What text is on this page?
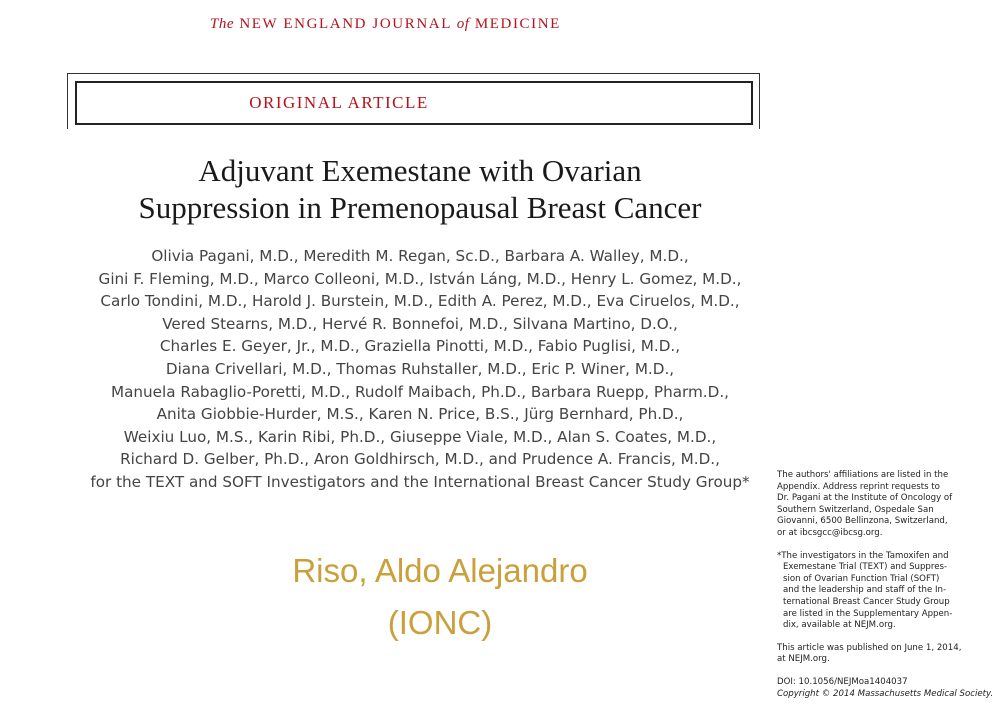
The NEW ENGLAND JOURNAL of MEDICINE
ORIGINAL ARTICLE
Adjuvant Exemestane with Ovarian
Suppression in Premenopausal Breast Cancer
Olivia Pagani, M.D., Meredith M. Regan, Sc.D., Barbara A. Walley, M.D.,
Gini F. Fleming, M.D., Marco Colleoni, M.D., István Láng, M.D., Henry L. Gomez, M.D.,
Carlo Tondini, M.D., Harold J. Burstein, M.D., Edith A. Perez, M.D., Eva Ciruelos, M.D.,
Vered Stearns, M.D., Hervé R. Bonnefoi, M.D., Silvana Martino, D.O.,
Charles E. Geyer, Jr., M.D., Graziella Pinotti, M.D., Fabio Puglisi, M.D.,
Diana Crivellari, M.D., Thomas Ruhstaller, M.D., Eric P. Winer, M.D.,
Manuela Rabaglio-Poretti, M.D., Rudolf Maibach, Ph.D., Barbara Ruepp, Pharm.D.,
Anita Giobbie-Hurder, M.S., Karen N. Price, B.S., Jürg Bernhard, Ph.D.,
Weixiu Luo, M.S., Karin Ribi, Ph.D., Giuseppe Viale, M.D., Alan S. Coates, M.D.,
Richard D. Gelber, Ph.D., Aron Goldhirsch, M.D., and Prudence A. Francis, M.D.,
for the TEXT and SOFT Investigators and the International Breast Cancer Study Group*
Riso, Aldo Alejandro
(IONC)
The authors' affiliations are listed in the
Appendix. Address reprint requests to
Dr. Pagani at the Institute of Oncology of
Southern Switzerland, Ospedale San
Giovanni, 6500 Bellinzona, Switzerland,
or at ibcsgcc@ibcsg.org.
*The investigators in the Tamoxifen and
Exemestane Trial (TEXT) and Suppres-
sion of Ovarian Function Trial (SOFT)
and the leadership and staff of the In-
ternational Breast Cancer Study Group
are listed in the Supplementary Appen-
dix, available at NEJM.org.
This article was published on June 1, 2014,
at NEJM.org.
DOI: 10.1056/NEJMoa1404037
Copyright © 2014 Massachusetts Medical Society.
